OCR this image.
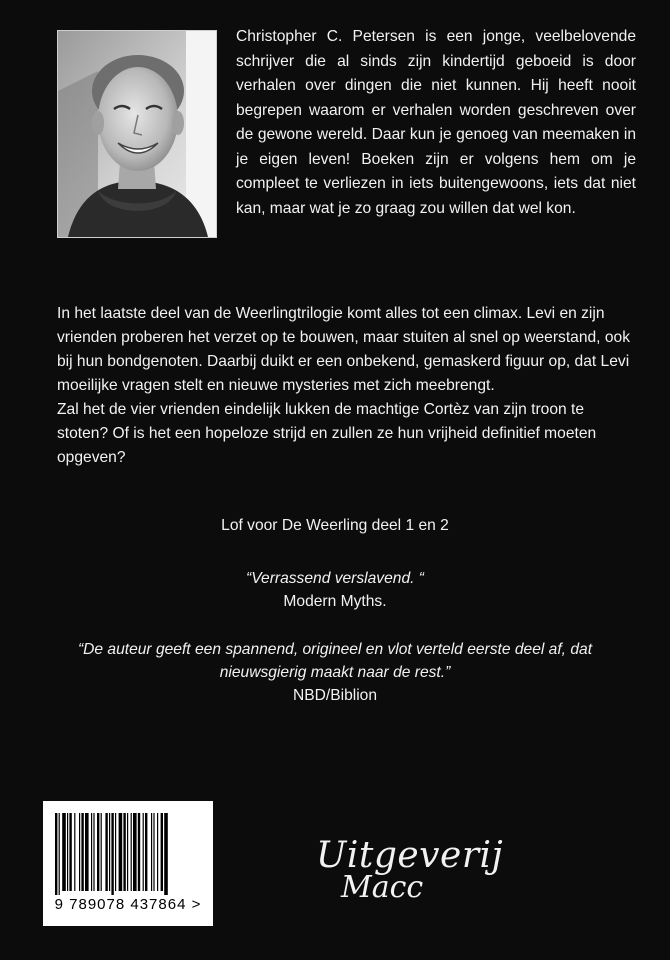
Christopher C. Petersen is een jonge, veelbelovende schrijver die al sinds zijn kindertijd geboeid is door verhalen over dingen die niet kunnen. Hij heeft nooit begrepen waarom er verhalen worden geschreven over de gewone wereld. Daar kun je genoeg van meemaken in je eigen leven! Boeken zijn er volgens hem om je compleet te verliezen in iets buitengewoons, iets dat niet kan, maar wat je zo graag zou willen dat wel kon.

In het laatste deel van de Weerlingtrilogie komt alles tot een climax. Levi en zijn vrienden proberen het verzet op te bouwen, maar stuiten al snel op weerstand, ook bij hun bondgenoten. Daarbij duikt er een onbekend, gemaskerd figuur op, dat Levi moeilijke vragen stelt en nieuwe mysteries met zich meebrengt.

Zal het de vier vrienden eindelijk lukken de machtige Cortèz van zijn troon te stoten? Of is het een hopeloze strijd en zullen ze hun vrijheid definitief moeten opgeven?

Lof voor De Weerling deel 1 en 2

“Verrassend verslavend. “

Modern Myths.

“De auteur geeft een spannend, origineel en vlot verteld eerste deel af, dat nieuwsgierig maakt naar de rest.”

NBD/Biblion

9 789078 437864 >

Uitgeverij

Macc
